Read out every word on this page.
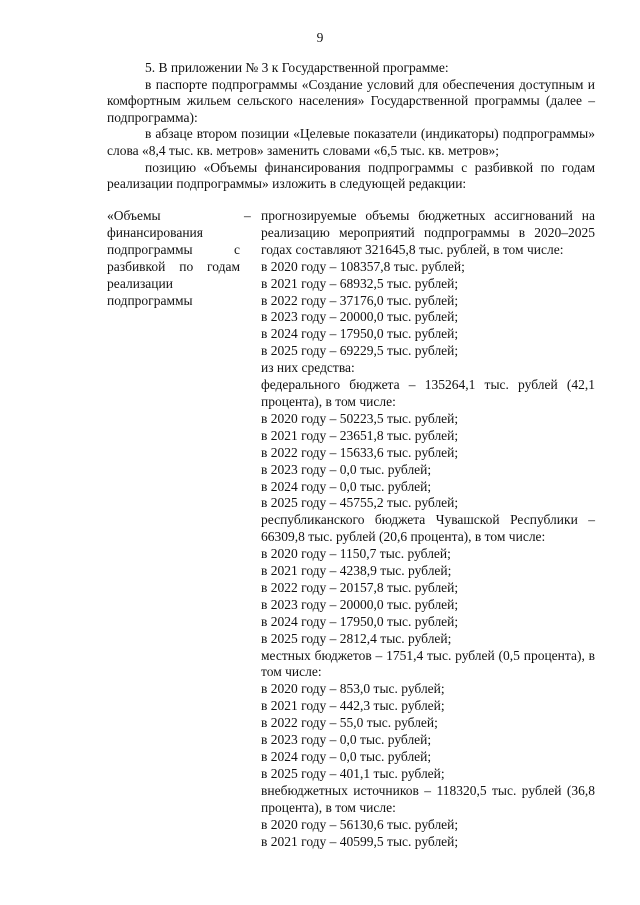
9

5. В приложении № 3 к Государственной программе:

в паспорте подпрограммы «Создание условий для обеспечения доступным и комфортным жильем сельского населения» Государственной программы (далее – подпрограмма):

в абзаце втором позиции «Целевые показатели (индикаторы) подпрограммы» слова «8,4 тыс. кв. метров» заменить словами «6,5 тыс. кв. метров»;

позицию «Объемы финансирования подпрограммы с разбивкой по годам реализации подпрограммы» изложить в следующей редакции:

«Объемы финансирования подпрограммы с разбивкой по годам реализации подпрограммы
– прогнозируемые объемы бюджетных ассигнований на реализацию мероприятий подпрограммы в 2020–2025 годах составляют 321645,8 тыс. рублей, в том числе:

в 2020 году – 108357,8 тыс. рублей;

в 2021 году – 68932,5 тыс. рублей;

в 2022 году – 37176,0 тыс. рублей;

в 2023 году – 20000,0 тыс. рублей;

в 2024 году – 17950,0 тыс. рублей;

в 2025 году – 69229,5 тыс. рублей;

из них средства:

федерального бюджета – 135264,1 тыс. рублей (42,1 процента), в том числе:

в 2020 году – 50223,5 тыс. рублей;

в 2021 году – 23651,8 тыс. рублей;

в 2022 году – 15633,6 тыс. рублей;

в 2023 году – 0,0 тыс. рублей;

в 2024 году – 0,0 тыс. рублей;

в 2025 году – 45755,2 тыс. рублей;

республиканского бюджета Чувашской Республики – 66309,8 тыс. рублей (20,6 процента), в том числе:

в 2020 году – 1150,7 тыс. рублей;

в 2021 году – 4238,9 тыс. рублей;

в 2022 году – 20157,8 тыс. рублей;

в 2023 году – 20000,0 тыс. рублей;

в 2024 году – 17950,0 тыс. рублей;

в 2025 году – 2812,4 тыс. рублей;

местных бюджетов – 1751,4 тыс. рублей (0,5 процента), в том числе:

в 2020 году – 853,0 тыс. рублей;

в 2021 году – 442,3 тыс. рублей;

в 2022 году – 55,0 тыс. рублей;

в 2023 году – 0,0 тыс. рублей;

в 2024 году – 0,0 тыс. рублей;

в 2025 году – 401,1 тыс. рублей;

внебюджетных источников – 118320,5 тыс. рублей (36,8 процента), в том числе:

в 2020 году – 56130,6 тыс. рублей;

в 2021 году – 40599,5 тыс. рублей;
